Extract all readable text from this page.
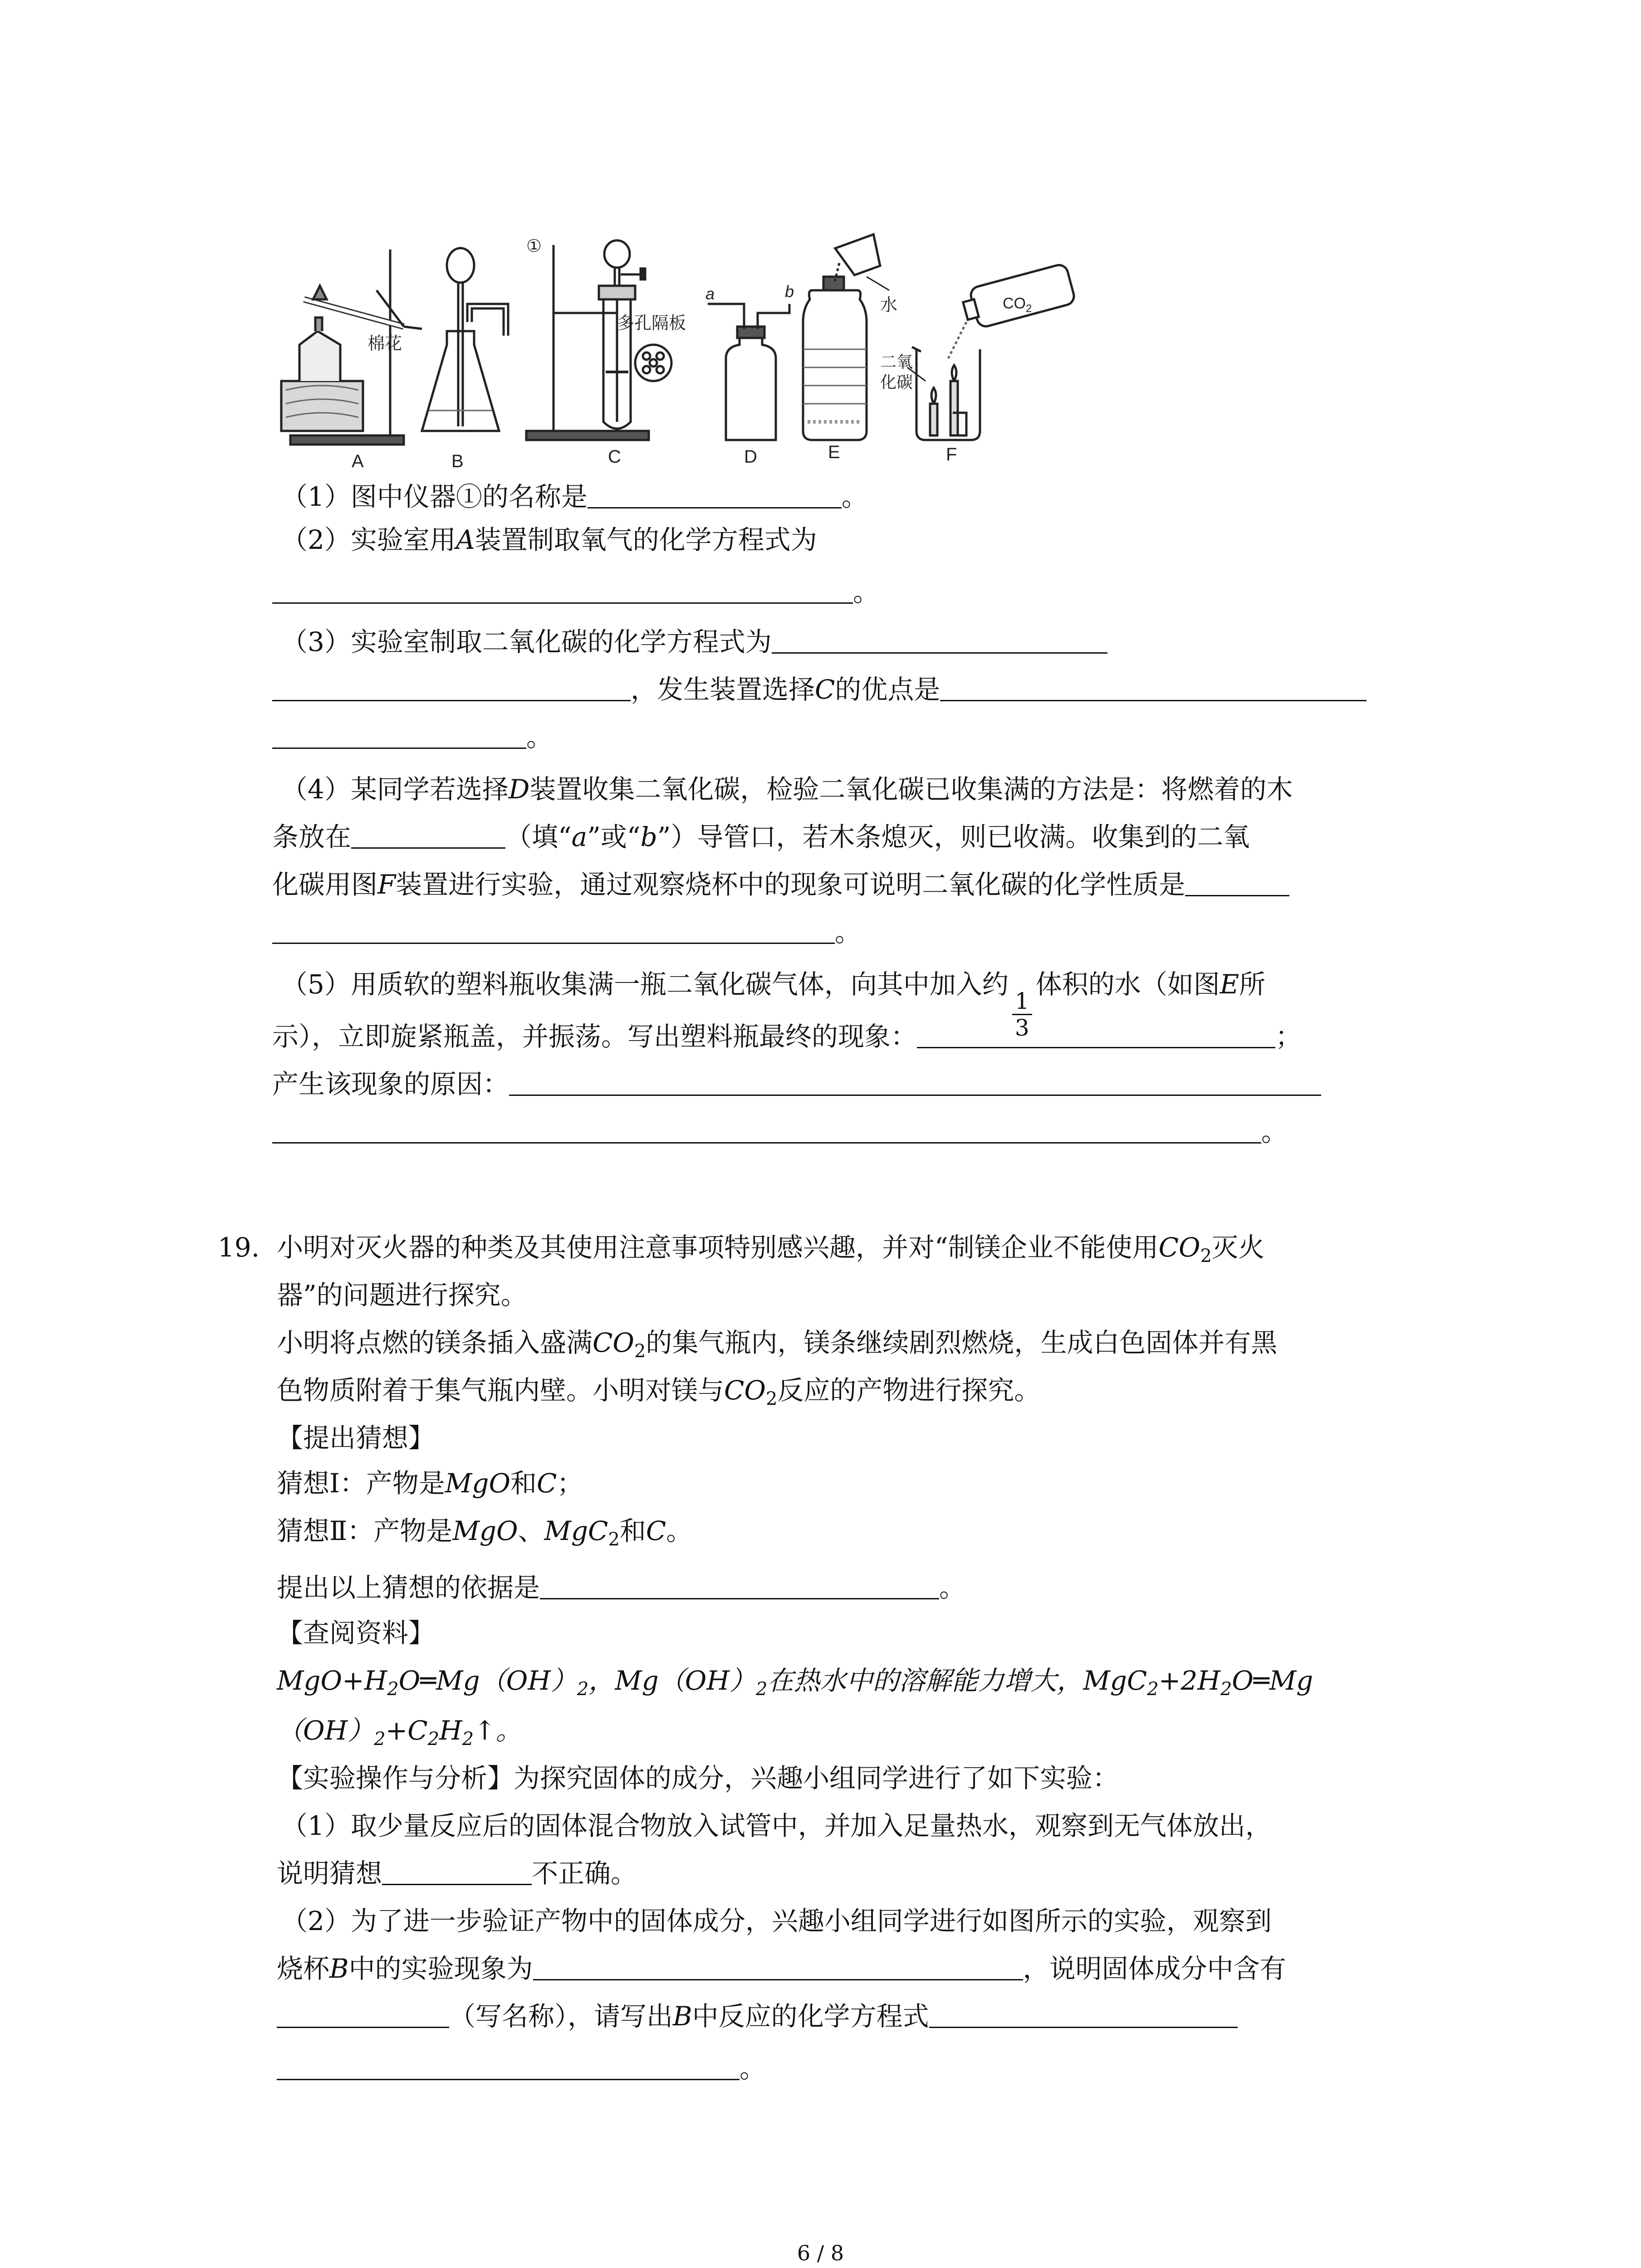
A	B	C	D	E	F
棉花
①
多孔隔板
a	b
水
二氧
化碳
$CO_2$
（1）图中仪器①的名称是	。
（2）实验室用A装置制取氧气的化学方程式为
。
（3）实验室制取二氧化碳的化学方程式为
，发生装置选择C的优点是
。
（4）某同学若选择D装置收集二氧化碳，检验二氧化碳已收集满的方法是：将燃着的木
条放在	（填“a”或“b”）导管口，若木条熄灭，则已收满。收集到的二氧
化碳用图F装置进行实验，通过观察烧杯中的现象可说明二氧化碳的化学性质是
。
（5）用质软的塑料瓶收集满一瓶二氧化碳气体，向其中加入约
$\frac{1}{3}$
体积的水（如图E所
示），立即旋紧瓶盖，并振荡。写出塑料瓶最终的现象：	；
产生该现象的原因：
。
19. 小明对灭火器的种类及其使用注意事项特别感兴趣，并对“制镁企业不能使用$CO_2$灭火
器”的问题进行探究。
小明将点燃的镁条插入盛满$CO_2$的集气瓶内，镁条继续剧烈燃烧，生成白色固体并有黑
色物质附着于集气瓶内壁。小明对镁与$CO_2$反应的产物进行探究。
【提出猜想】
猜想Ⅰ：产物是MgO和C；
猜想Ⅱ：产物是MgO、MgC$_2$和C。
提出以上猜想的依据是	。
【查阅资料】
$MgO+H_2O═Mg(OH)_2$，$Mg(OH)_2$在热水中的溶解能力增大，$MgC_2+2H_2O═Mg$
$(OH)_2+C_2H_2↑$。
【实验操作与分析】为探究固体的成分，兴趣小组同学进行了如下实验：
（1）取少量反应后的固体混合物放入试管中，并加入足量热水，观察到无气体放出，
说明猜想	不正确。
（2）为了进一步验证产物中的固体成分，兴趣小组同学进行如图所示的实验，观察到
烧杯B中的实验现象为	，说明固体成分中含有
（写名称），请写出B中反应的化学方程式
。
6 / 8
